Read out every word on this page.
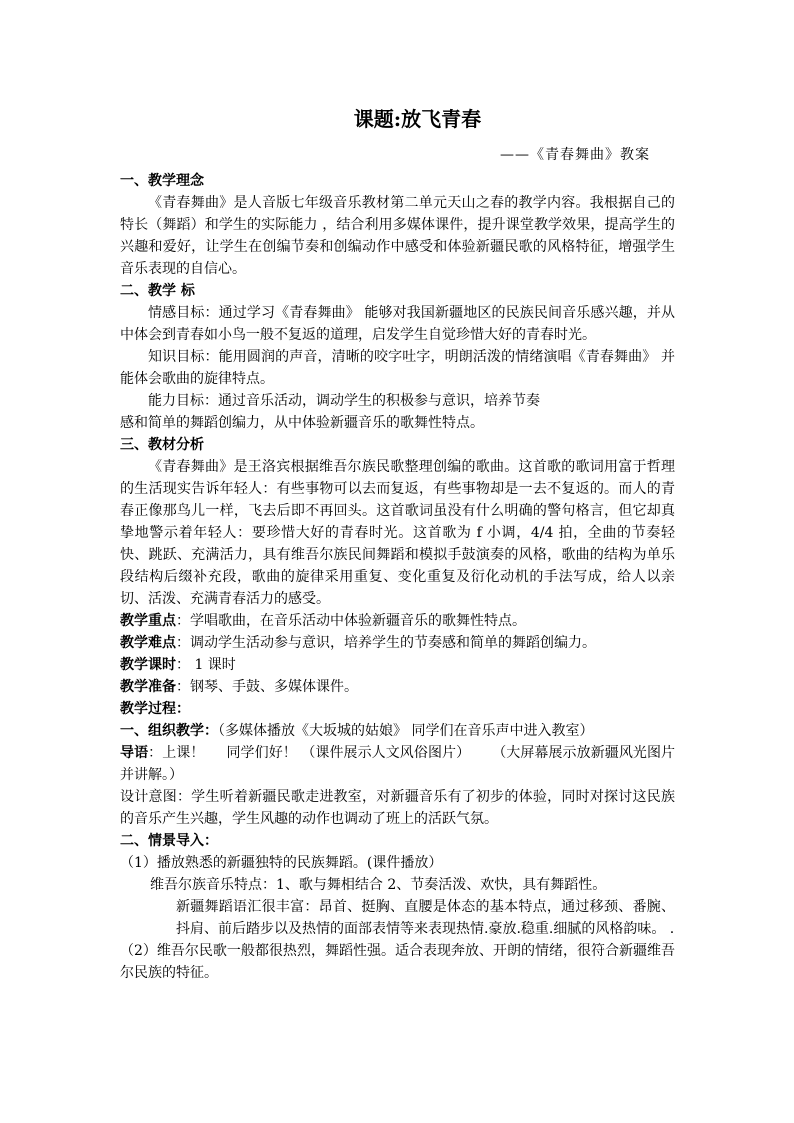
课题:放飞青春
——《青春舞曲》教案
一、教学理念
《青春舞曲》是人音版七年级音乐教材第二单元天山之春的教学内容。我根据自己的特长（舞蹈）和学生的实际能力 ，结合利用多媒体课件，提升课堂教学效果，提高学生的兴趣和爱好，让学生在创编节奏和创编动作中感受和体验新疆民歌的风格特征，增强学生音乐表现的自信心。
二、教学 标
情感目标：通过学习《青春舞曲》 能够对我国新疆地区的民族民间音乐感兴趣，并从中体会到青春如小鸟一般不复返的道理，启发学生自觉珍惜大好的青春时光。
知识目标：能用圆润的声音，清晰的咬字吐字，明朗活泼的情绪演唱《青春舞曲》 并能体会歌曲的旋律特点。
能力目标：通过音乐活动，调动学生的积极参与意识，培养节奏
感和简单的舞蹈创编力，从中体验新疆音乐的歌舞性特点。
三、教材分析
《青春舞曲》是王洛宾根据维吾尔族民歌整理创编的歌曲。这首歌的歌词用富于哲理的生活现实告诉年轻人：有些事物可以去而复返，有些事物却是一去不复返的。而人的青春正像那鸟儿一样，飞去后即不再回头。这首歌词虽没有什么明确的警句格言，但它却真挚地警示着年轻人：要珍惜大好的青春时光。这首歌为 f 小调，4/4 拍，全曲的节奏轻快、跳跃、充满活力，具有维吾尔族民间舞蹈和模拟手鼓演奏的风格，歌曲的结构为单乐段结构后缀补充段，歌曲的旋律采用重复、变化重复及衍化动机的手法写成，给人以亲切、活泼、充满青春活力的感受。
教学重点：学唱歌曲，在音乐活动中体验新疆音乐的歌舞性特点。
教学难点：调动学生活动参与意识，培养学生的节奏感和简单的舞蹈创编力。
教学课时： 1 课时
教学准备：钢琴、手鼓、多媒体课件。
教学过程：
一、组织教学：（多媒体播放《大坂城的姑娘》 同学们在音乐声中进入教室）
导语：上课！ 同学们好！ （课件展示人文风俗图片） （大屏幕展示放新疆风光图片并讲解。）
设计意图：学生听着新疆民歌走进教室，对新疆音乐有了初步的体验，同时对探讨这民族的音乐产生兴趣，学生风趣的动作也调动了班上的活跃气氛。
二、情景导入：
（1）播放熟悉的新疆独特的民族舞蹈。(课件播放）
维吾尔族音乐特点：1、歌与舞相结合 2、节奏活泼、欢快，具有舞蹈性。
新疆舞蹈语汇很丰富：昂首、挺胸、直腰是体态的基本特点，通过移颈、番腕、抖肩、前后踏步以及热情的面部表情等来表现热情.豪放.稳重.细腻的风格韵味。 .
（2）维吾尔民歌一般都很热烈，舞蹈性强。适合表现奔放、开朗的情绪，很符合新疆维吾尔民族的特征。
